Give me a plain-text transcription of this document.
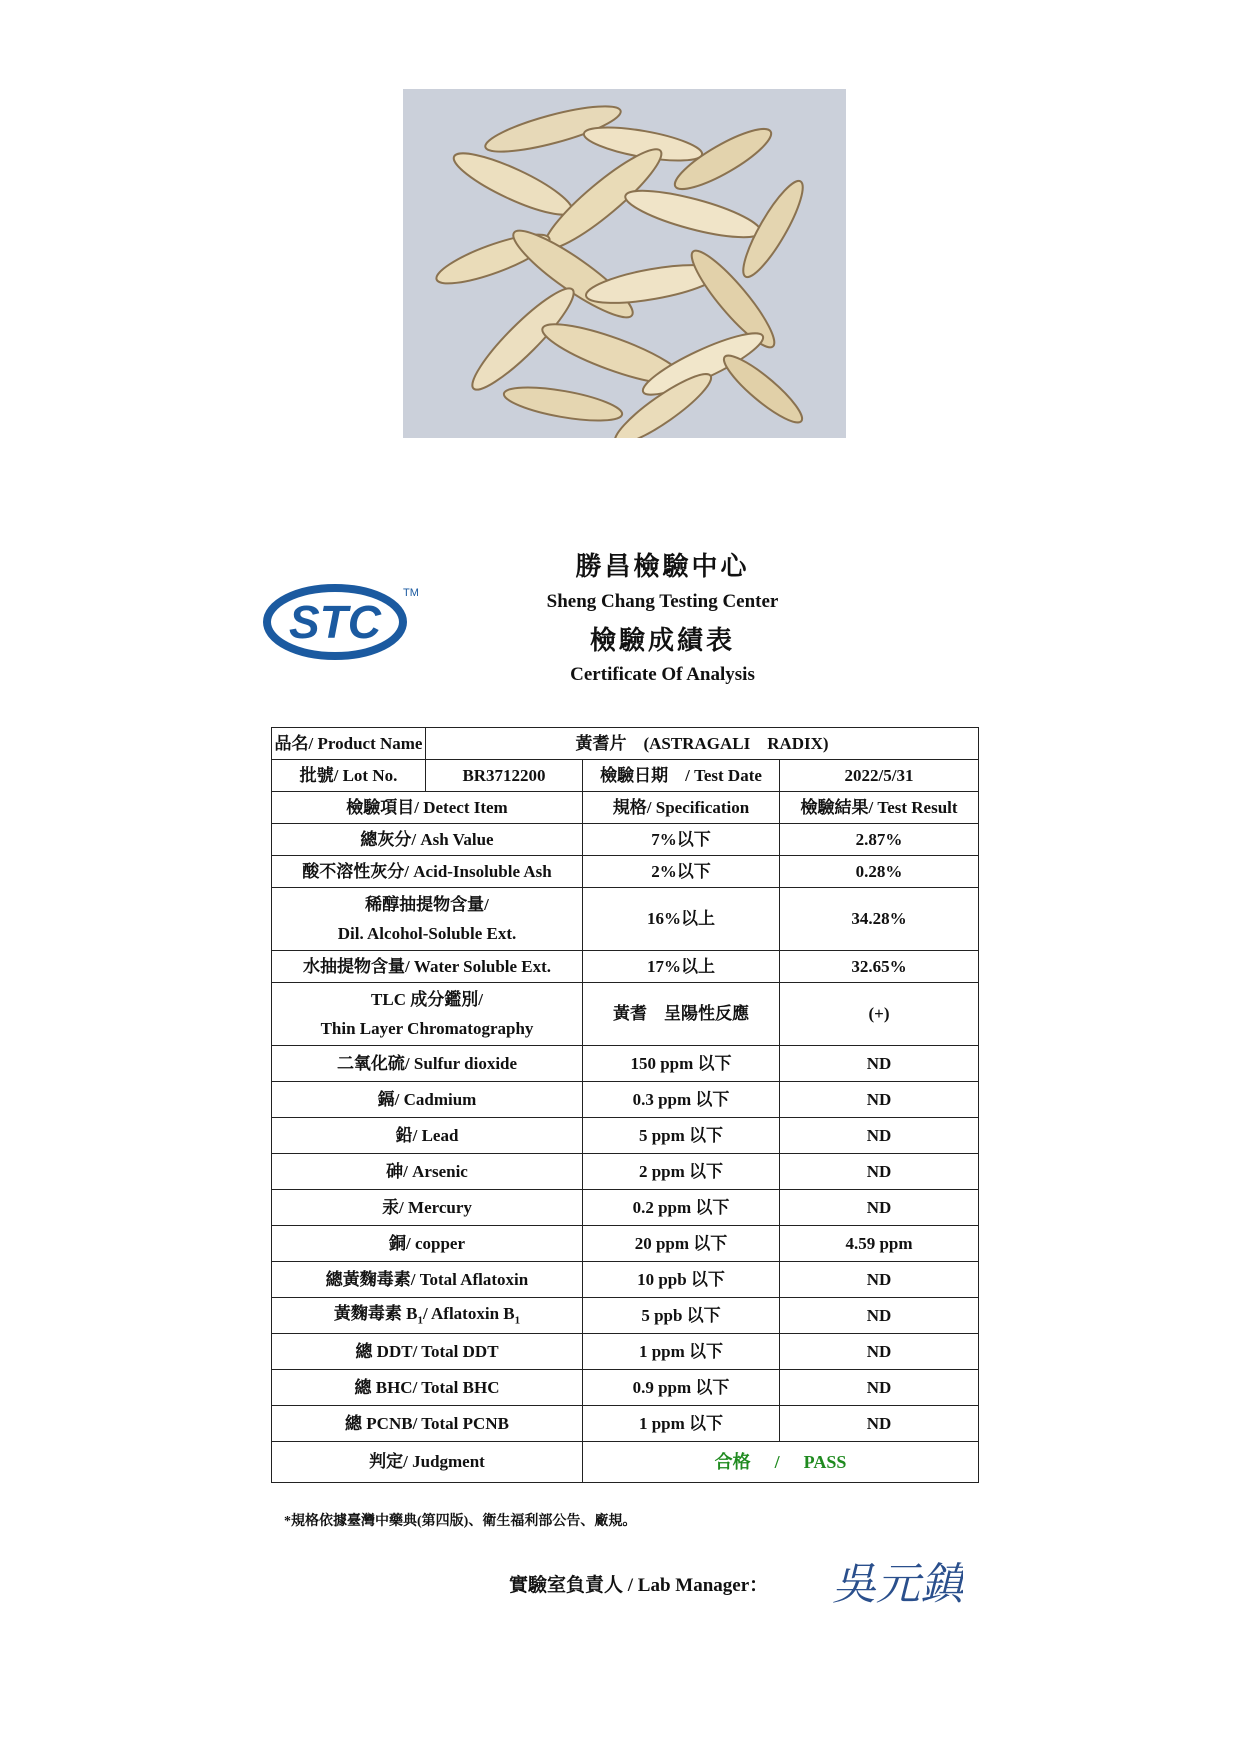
STC
TM
勝昌檢驗中心
Sheng Chang Testing Center
檢驗成績表
Certificate Of Analysis
品名/ Product Name	黃耆片　(ASTRAGALI　RADIX)		
批號/ Lot No.	BR3712200	檢驗日期　/ Test Date	2022/5/31
檢驗項目/ Detect Item		規格/ Specification	檢驗結果/ Test Result
總灰分/ Ash Value		7%以下	2.87%
酸不溶性灰分/ Acid-Insoluble Ash		2%以下	0.28%

稀醇抽提物含量/
Dil. Alcohol-Soluble Ext.		16%以上	34.28%
水抽提物含量/ Water Soluble Ext.		17%以上	32.65%

TLC 成分鑑別/
Thin Layer Chromatography		黃耆　呈陽性反應	(+)
二氧化硫/ Sulfur dioxide		150 ppm 以下	ND
鎘/ Cadmium		0.3 ppm 以下	ND
鉛/ Lead		5 ppm 以下	ND
砷/ Arsenic		2 ppm 以下	ND
汞/ Mercury		0.2 ppm 以下	ND
銅/ copper		20 ppm 以下	4.59 ppm
總黃麴毒素/ Total Aflatoxin		10 ppb 以下	ND
黃麴毒素 $B_1/$ Aflatoxin $B_1$		5 ppb 以下	ND
總 DDT/ Total DDT		1 ppm 以下	ND
總 BHC/ Total BHC		0.9 ppm 以下	ND
總 PCNB/ Total PCNB		1 ppm 以下	ND
判定/ Judgment		合格 / PASS	
*規格依據臺灣中藥典(第四版)、衛生福利部公告、廠規。
實驗室負責人 / Lab Manager： 吳元鎮
